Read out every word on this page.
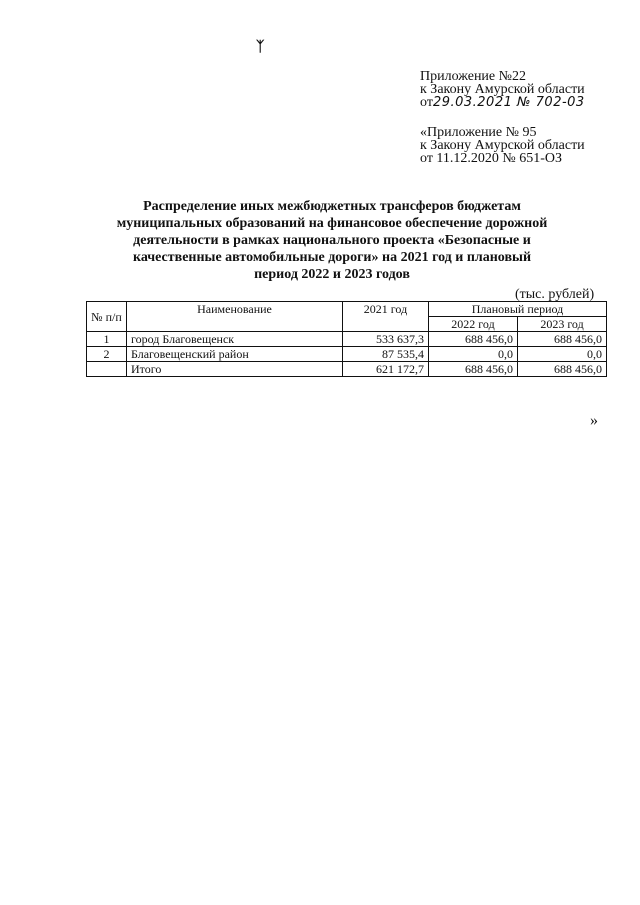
ᛉ
Приложение №22
к Закону Амурской области
от29.03.2021 № 702-03
«Приложение № 95
к Закону Амурской области
от 11.12.2020 № 651-ОЗ
Распределение иных межбюджетных трансферов бюджетам муниципальных образований на финансовое обеспечение дорожной деятельности в рамках национального проекта «Безопасные и качественные автомобильные дороги» на 2021 год и плановый период 2022 и 2023 годов
(тыс. рублей)
№ п/п	Наименование	2021 год	Плановый период	
			2022 год	2023 год
1	город Благовещенск	533 637,3	688 456,0	688 456,0
2	Благовещенский район	87 535,4	0,0	0,0
	Итого	621 172,7	688 456,0	688 456,0
»
